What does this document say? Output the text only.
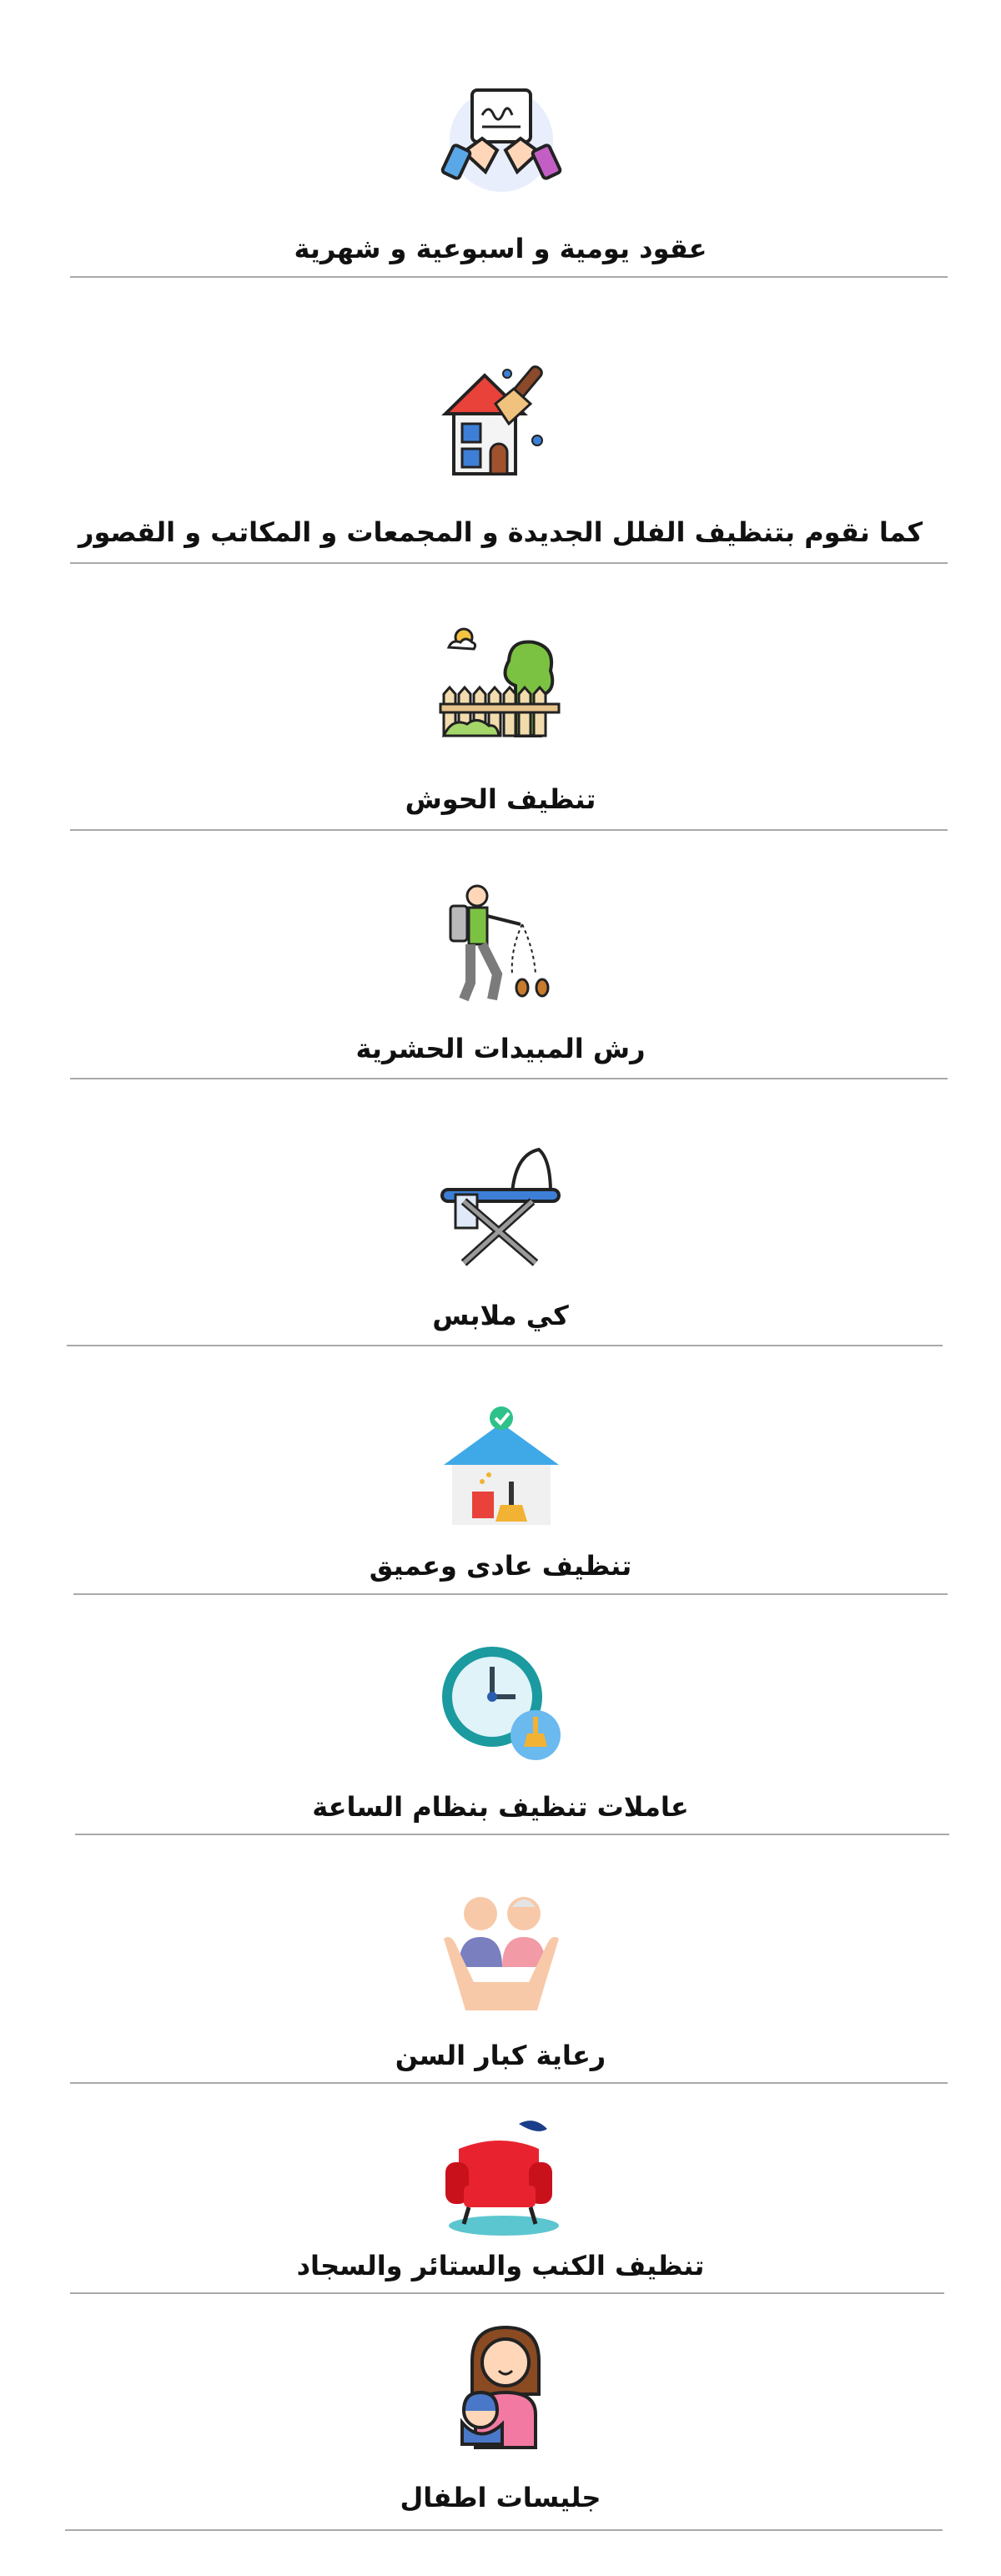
عقود يومية و اسبوعية و شهرية
كما نقوم بتنظيف الفلل الجديدة و المجمعات و المكاتب و القصور
تنظيف الحوش
رش المبيدات الحشرية
كي ملابس
تنظيف عادى وعميق
عاملات تنظيف بنظام الساعة
رعاية كبار السن
تنظيف الكنب والستائر والسجاد
جليسات اطفال
